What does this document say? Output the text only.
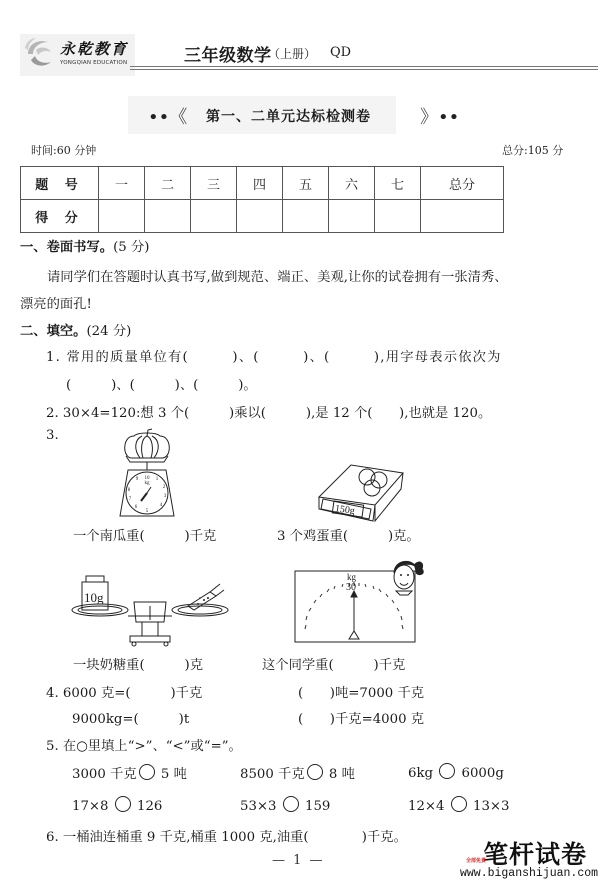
永乾教育
YONGQIAN EDUCATION	三年级数学
（上册） QD
••《 第一、二单元达标检测卷	》••
时间:60 分钟	总分:105 分
题 号	一	二	三	四	五	六	七	总分
得 分								
一、卷面书写。(5 分)
请同学们在答题时认真书写,做到规范、端正、美观,让你的试卷拥有一张清秀、
漂亮的面孔!
二、填空。(24 分)
1. 常用的质量单位有(　　　)、(　　　)、(　　　),用字母表示依次为
(　　　)、(　　　)、(　　　)。
2. 30×4=120:想 3 个(　　　)乘以(　　　),是 12 个(　　),也就是 120。
3.
10
kg
1
2
3
4
5
6
7
8
9
150g
一个南瓜重(　　　)千克	3 个鸡蛋重(　　　)克。
10g
kg
30
一块奶糖重(　　　)克	这个同学重(　　　)千克
4. 6000 克=(　　　)千克	(　　)吨=7000 千克
9000kg=(　　　)t	(　　)千克=4000 克
5. 在○里填上“>”、“<”或“=”。
3000 千克 5 吨	8500 千克 8 吨	6kg 6000g
17×8 126	53×3 159	12×4 13×3
6. 一桶油连桶重 9 千克,桶重 1000 克,油重(　　　　)千克。
— 1 —	笔杆试卷
全部免费
www.biganshijuan.com
